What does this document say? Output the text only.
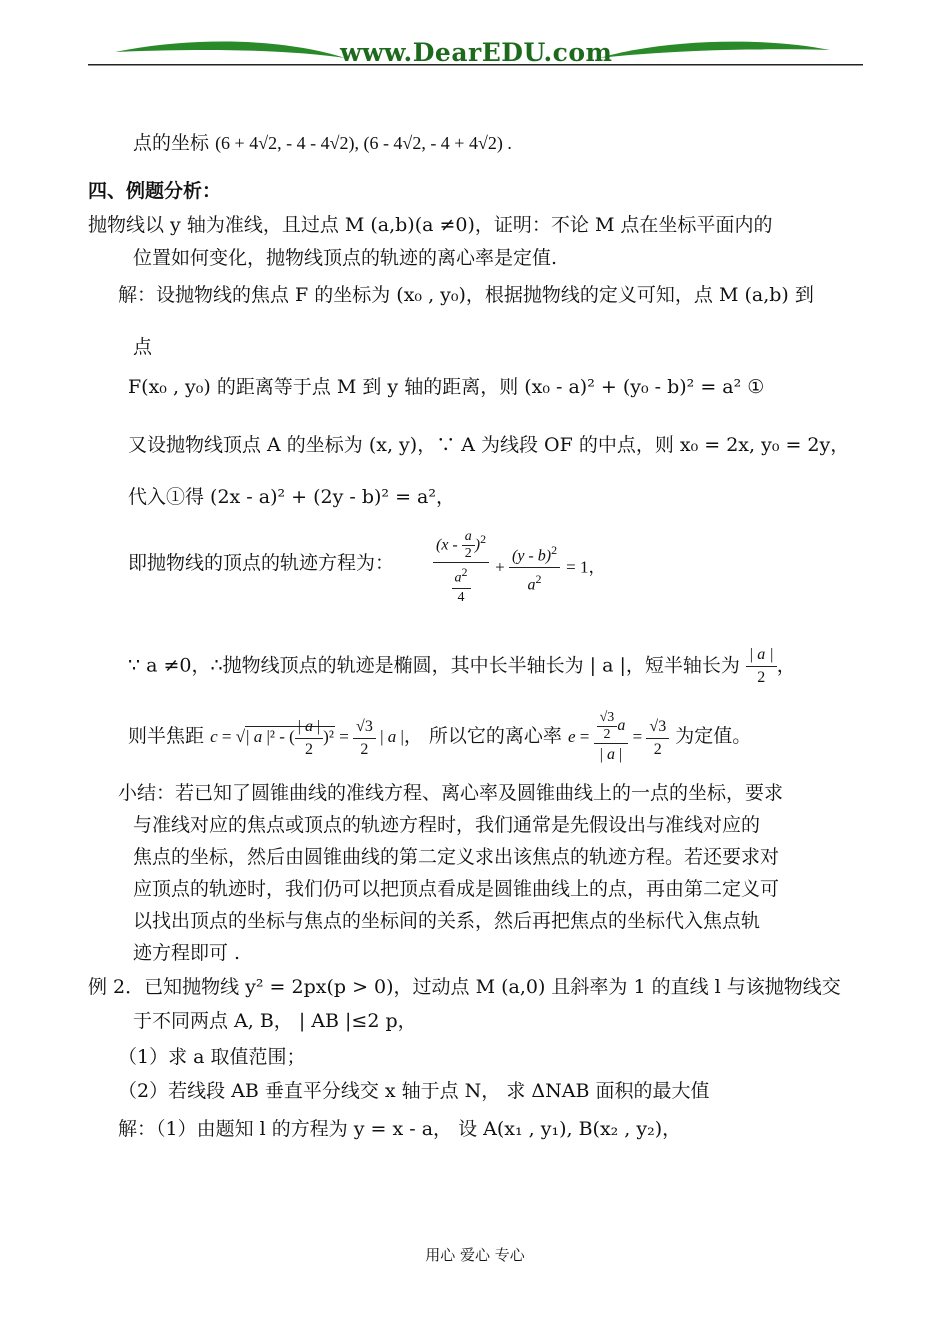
www.DearEDU.com
点的坐标 (6 + 4√2, - 4 - 4√2), (6 - 4√2, - 4 + 4√2) .
四、例题分析：
抛物线以 y 轴为准线，且过点 M (a,b)(a ≠0)，证明：不论 M 点在坐标平面内的
位置如何变化，抛物线顶点的轨迹的离心率是定值.
解：设抛物线的焦点 F 的坐标为 (x₀ , y₀)，根据抛物线的定义可知，点 M (a,b) 到
点
F(x₀ , y₀) 的距离等于点 M 到 y 轴的距离，则 (x₀ - a)² + (y₀ - b)² = a² ①
又设抛物线顶点 A 的坐标为 (x, y)，∵ A 为线段 OF 的中点，则 x₀ = 2x, y₀ = 2y，
代入①得 (2x - a)² + (2y - b)² = a²，
即抛物线的顶点的轨迹方程为： $\frac{(x - \frac{a}{2} )^2}{\frac{a^2}{4}} + \frac{(y - b)^2}{a^2} = 1$，
∵ a ≠0，∴抛物线顶点的轨迹是椭圆，其中长半轴长为 | a |，短半轴长为 $\frac{| a |}{2}$ ，
则半焦距 c = √| a |² - ( $\frac{| a |}{2} )^2 = \frac{√3}{2}$ | a |， 所以它的离心率 $e = \frac{\frac{√3}{2} a}{| a |} = \frac{√3}{2}$ 为定值。
小结：若已知了圆锥曲线的准线方程、离心率及圆锥曲线上的一点的坐标，要求
与准线对应的焦点或顶点的轨迹方程时，我们通常是先假设出与准线对应的
焦点的坐标，然后由圆锥曲线的第二定义求出该焦点的轨迹方程。若还要求对
应顶点的轨迹时，我们仍可以把顶点看成是圆锥曲线上的点，再由第二定义可
以找出顶点的坐标与焦点的坐标间的关系，然后再把焦点的坐标代入焦点轨
迹方程即可 .
例 2．已知抛物线 y² = 2px(p > 0)，过动点 M (a,0) 且斜率为 1 的直线 l 与该抛物线交
于不同两点 A, B， | AB |≤2 p，
（1）求 a 取值范围；
（2）若线段 AB 垂直平分线交 x 轴于点 N， 求 ΔNAB 面积的最大值
解：（1）由题知 l 的方程为 y = x - a， 设 A(x₁ , y₁), B(x₂ , y₂)，
用心 爱心 专心
